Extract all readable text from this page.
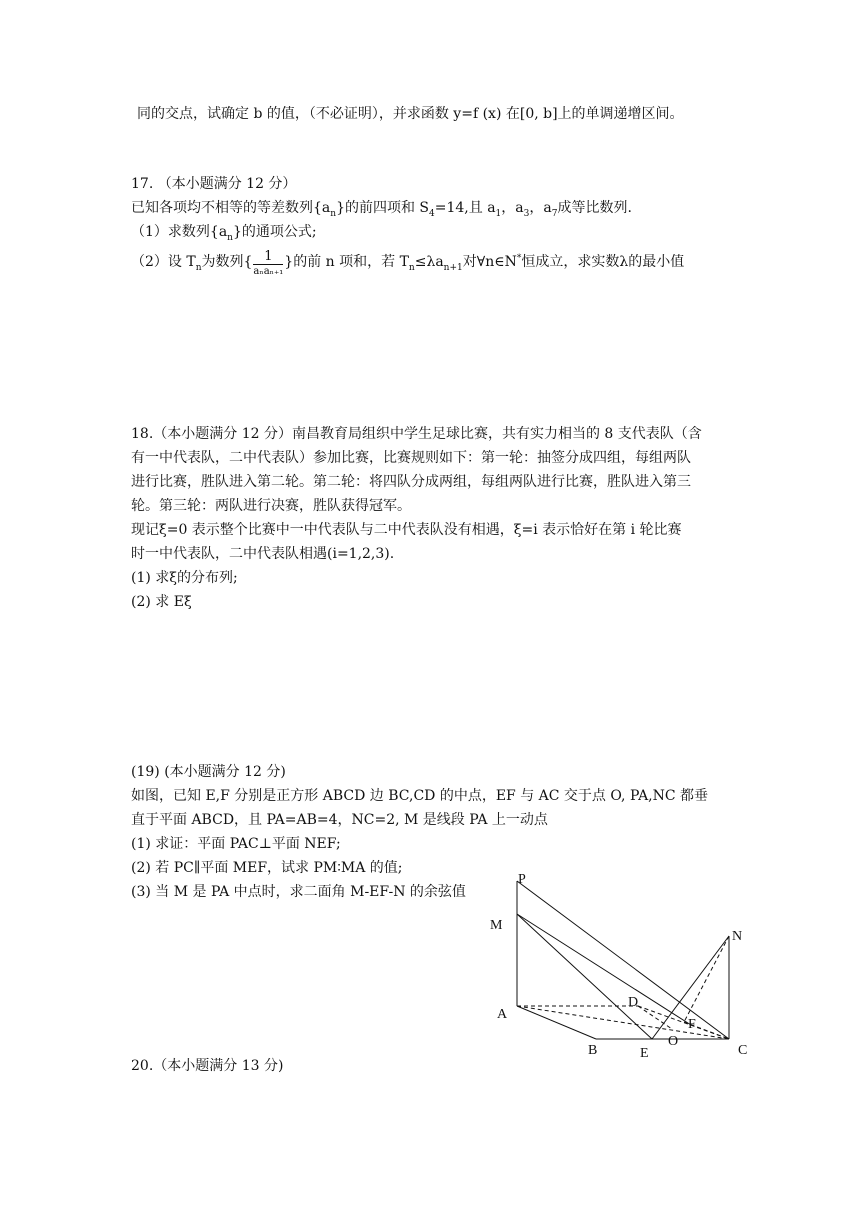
同的交点，试确定 b 的值，（不必证明），并求函数 y=f (x) 在[0, b]上的单调递增区间。
17. （本小题满分 12 分）
已知各项均不相等的等差数列$\{a_n\}$的前四项和 $S_4=14$,且 $a_1$，$a_3$，$a_7$成等比数列.
（1）求数列$\{a_n\}$的通项公式;
（2）设 $T_n$为数列{ $\frac{1}{\text{aₙaₙ₊₁}}$ }的前 n 项和，若 $T_n\le\lambda a_{n+1}$对∀n∈N*恒成立，求实数λ的最小值
18.（本小题满分 12 分）南昌教育局组织中学生足球比赛，共有实力相当的 8 支代表队（含
有一中代表队，二中代表队）参加比赛，比赛规则如下：第一轮：抽签分成四组，每组两队
进行比赛，胜队进入第二轮。第二轮：将四队分成两组，每组两队进行比赛，胜队进入第三
轮。第三轮：两队进行决赛，胜队获得冠军。
现记ξ=0 表示整个比赛中一中代表队与二中代表队没有相遇，ξ=i 表示恰好在第 i 轮比赛
时一中代表队，二中代表队相遇(i=1,2,3).
(1) 求ξ的分布列;
(2) 求 Eξ
(19) (本小题满分 12 分)
如图，已知 E,F 分别是正方形 ABCD 边 BC,CD 的中点，EF 与 AC 交于点 O, PA,NC 都垂
直于平面 ABCD，且 PA=AB=4，NC=2, M 是线段 PA 上一动点
(1) 求证：平面 PAC⊥平面 NEF;
(2) 若 PC∥平面 MEF，试求 PM∶MA 的值;
(3) 当 M 是 PA 中点时，求二面角 M-EF-N 的余弦值
P
M
N
D
A
F
O
B	E	C
20.（本小题满分 13 分)
